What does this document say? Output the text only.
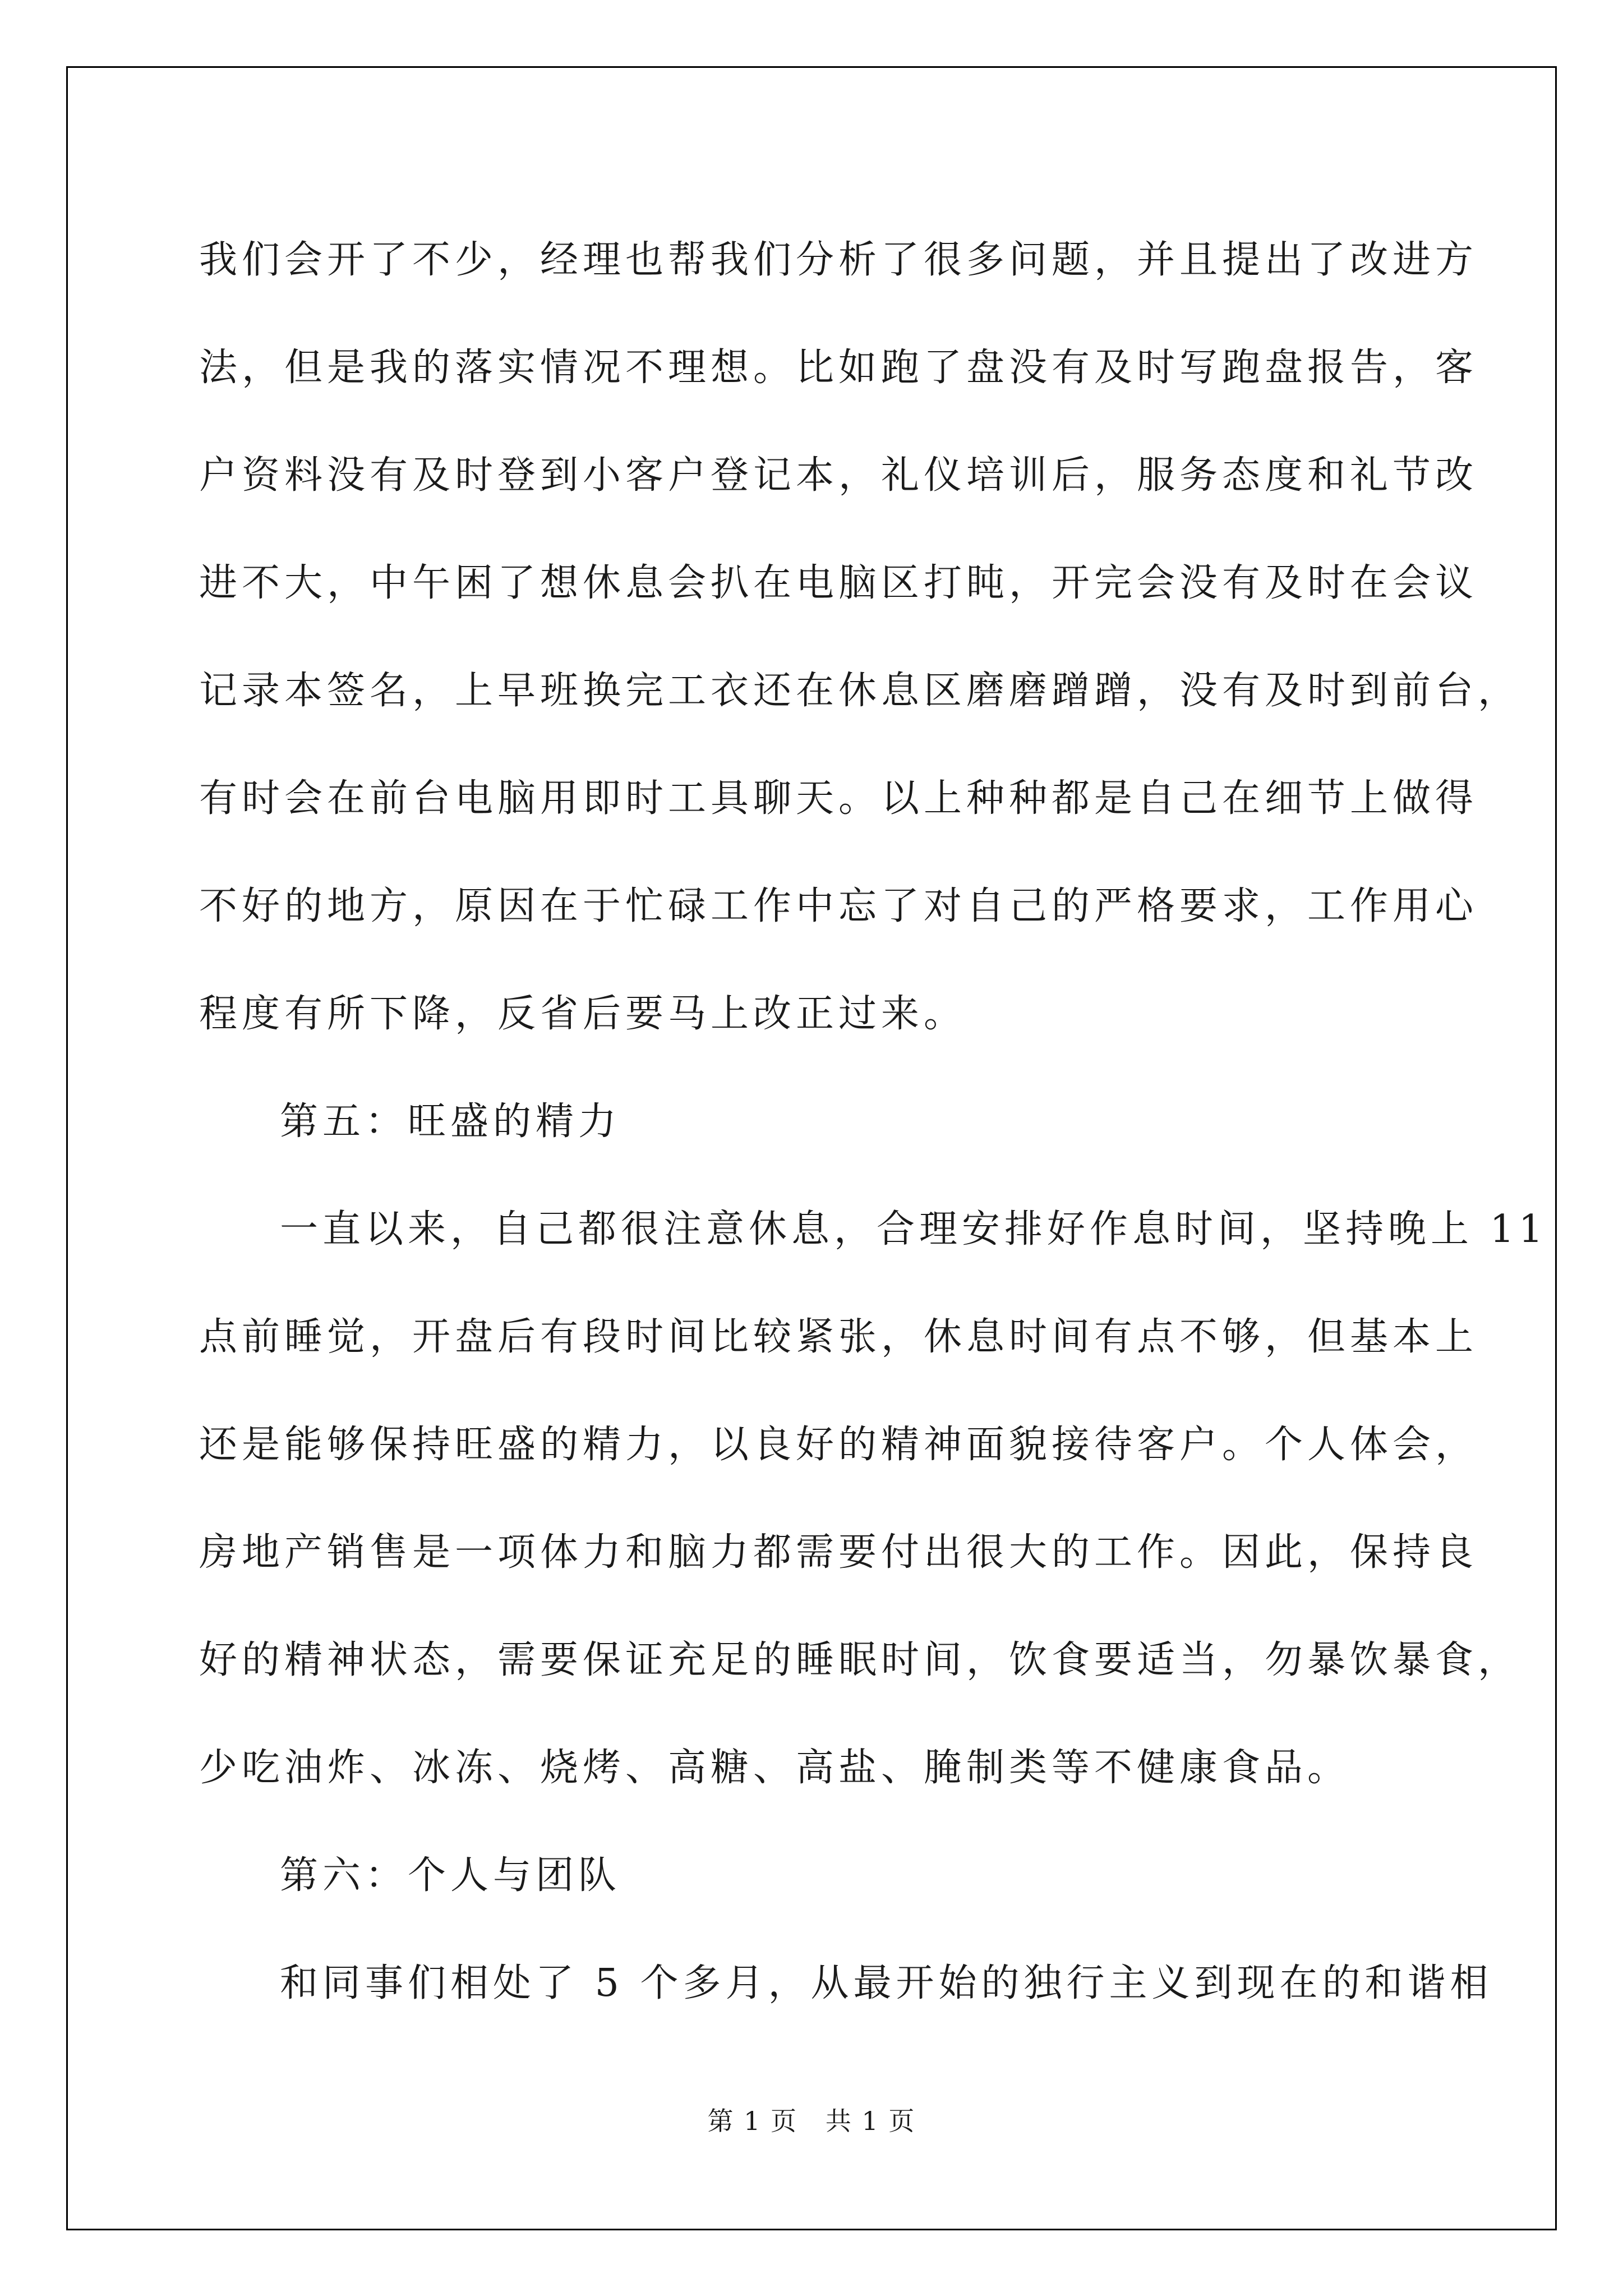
我们会开了不少，经理也帮我们分析了很多问题，并且提出了改进方
法，但是我的落实情况不理想。比如跑了盘没有及时写跑盘报告，客
户资料没有及时登到小客户登记本，礼仪培训后，服务态度和礼节改
进不大，中午困了想休息会扒在电脑区打盹，开完会没有及时在会议
记录本签名，上早班换完工衣还在休息区磨磨蹭蹭，没有及时到前台，
有时会在前台电脑用即时工具聊天。以上种种都是自己在细节上做得
不好的地方，原因在于忙碌工作中忘了对自己的严格要求，工作用心
程度有所下降，反省后要马上改正过来。
第五：旺盛的精力
一直以来，自己都很注意休息，合理安排好作息时间，坚持晚上 11
点前睡觉，开盘后有段时间比较紧张，休息时间有点不够，但基本上
还是能够保持旺盛的精力，以良好的精神面貌接待客户。个人体会，
房地产销售是一项体力和脑力都需要付出很大的工作。因此，保持良
好的精神状态，需要保证充足的睡眠时间，饮食要适当，勿暴饮暴食，
少吃油炸、冰冻、烧烤、高糖、高盐、腌制类等不健康食品。
第六：个人与团队
和同事们相处了 5 个多月，从最开始的独行主义到现在的和谐相
第 1 页   共 1 页
